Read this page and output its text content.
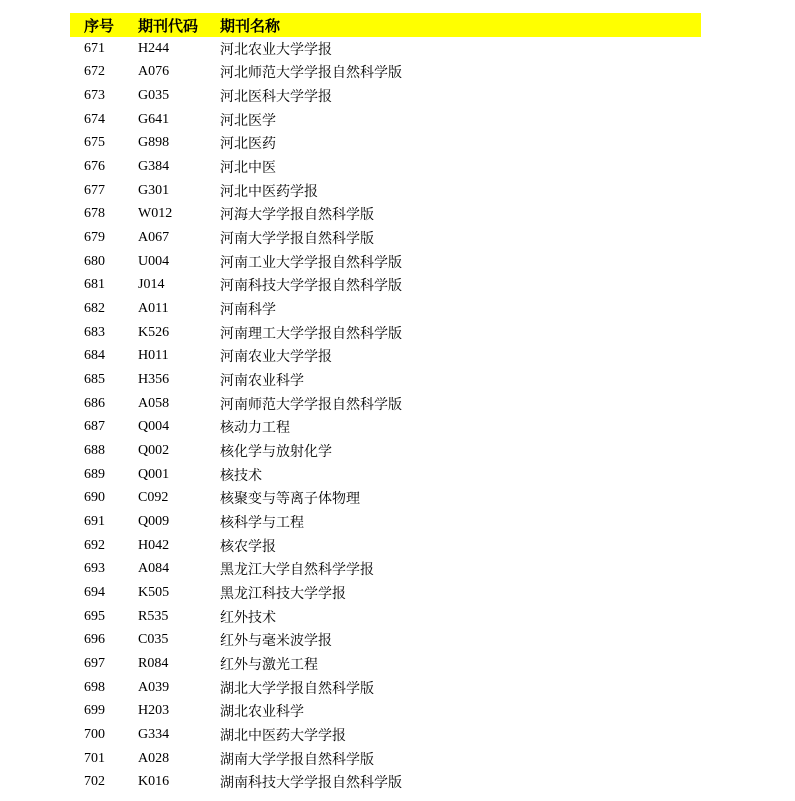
序号	期刊代码	期刊名称
671	H244	河北农业大学学报
672	A076	河北师范大学学报自然科学版
673	G035	河北医科大学学报
674	G641	河北医学
675	G898	河北医药
676	G384	河北中医
677	G301	河北中医药学报
678	W012	河海大学学报自然科学版
679	A067	河南大学学报自然科学版
680	U004	河南工业大学学报自然科学版
681	J014	河南科技大学学报自然科学版
682	A011	河南科学
683	K526	河南理工大学学报自然科学版
684	H011	河南农业大学学报
685	H356	河南农业科学
686	A058	河南师范大学学报自然科学版
687	Q004	核动力工程
688	Q002	核化学与放射化学
689	Q001	核技术
690	C092	核聚变与等离子体物理
691	Q009	核科学与工程
692	H042	核农学报
693	A084	黑龙江大学自然科学学报
694	K505	黑龙江科技大学学报
695	R535	红外技术
696	C035	红外与毫米波学报
697	R084	红外与激光工程
698	A039	湖北大学学报自然科学版
699	H203	湖北农业科学
700	G334	湖北中医药大学学报
701	A028	湖南大学学报自然科学版
702	K016	湖南科技大学学报自然科学版
